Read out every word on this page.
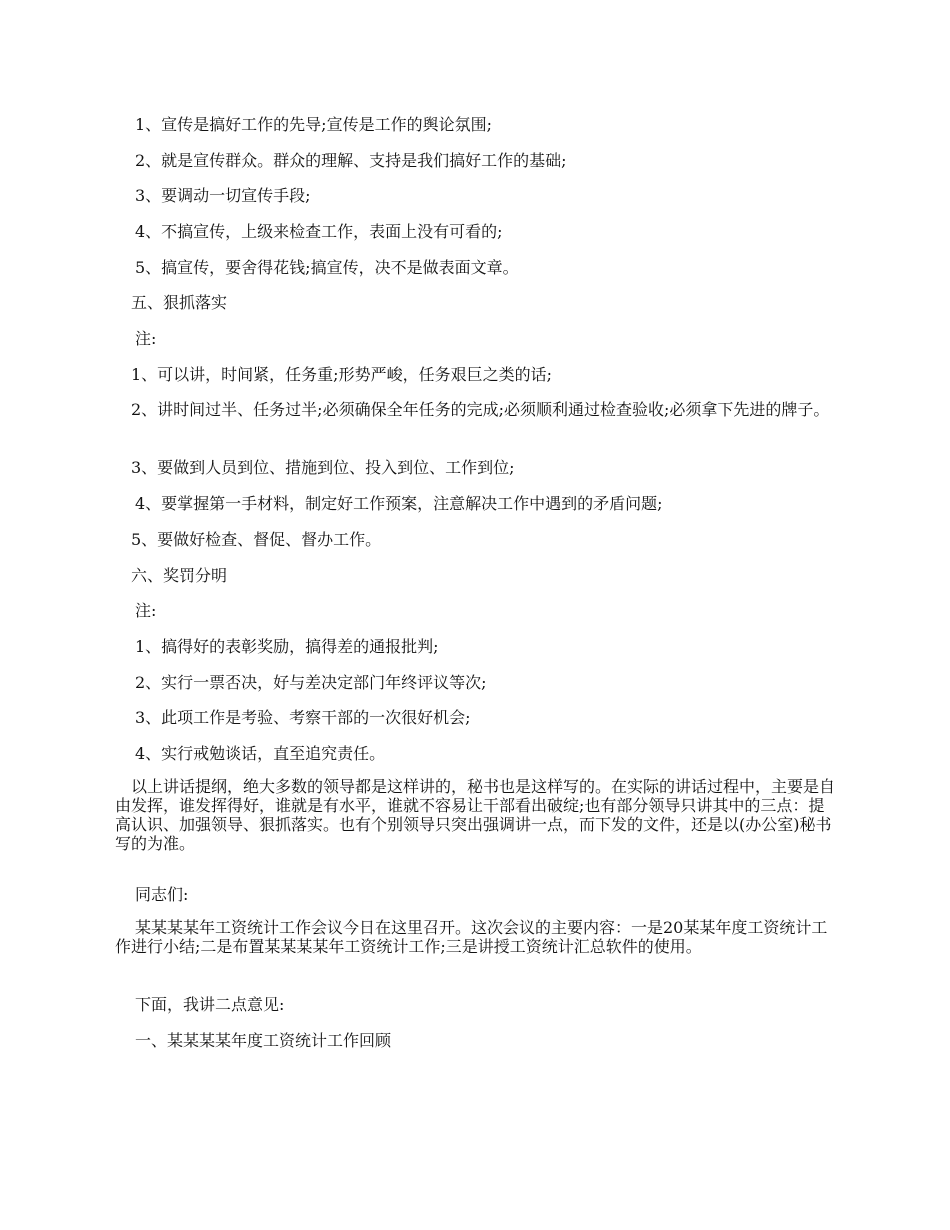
1、宣传是搞好工作的先导;宣传是工作的舆论氛围;
2、就是宣传群众。群众的理解、支持是我们搞好工作的基础;
3、要调动一切宣传手段;
4、不搞宣传，上级来检查工作，表面上没有可看的;
5、搞宣传，要舍得花钱;搞宣传，决不是做表面文章。
五、狠抓落实
注:
1、可以讲，时间紧，任务重;形势严峻，任务艰巨之类的话;
2、讲时间过半、任务过半;必须确保全年任务的完成;必须顺利通过检查验收;必须拿下先进的牌子。
3、要做到人员到位、措施到位、投入到位、工作到位;
4、要掌握第一手材料，制定好工作预案，注意解决工作中遇到的矛盾问题;
5、要做好检查、督促、督办工作。
六、奖罚分明
注:
1、搞得好的表彰奖励，搞得差的通报批判;
2、实行一票否决，好与差决定部门年终评议等次;
3、此项工作是考验、考察干部的一次很好机会;
4、实行戒勉谈话，直至追究责任。
以上讲话提纲，绝大多数的领导都是这样讲的，秘书也是这样写的。在实际的讲话过程中，主要是自由发挥，谁发挥得好，谁就是有水平，谁就不容易让干部看出破绽;也有部分领导只讲其中的三点：提高认识、加强领导、狠抓落实。也有个别领导只突出强调讲一点，而下发的文件，还是以(办公室)秘书写的为准。
同志们:
某某某某年工资统计工作会议今日在这里召开。这次会议的主要内容：一是20某某年度工资统计工作进行小结;二是布置某某某某年工资统计工作;三是讲授工资统计汇总软件的使用。
下面，我讲二点意见:
一、某某某某年度工资统计工作回顾
